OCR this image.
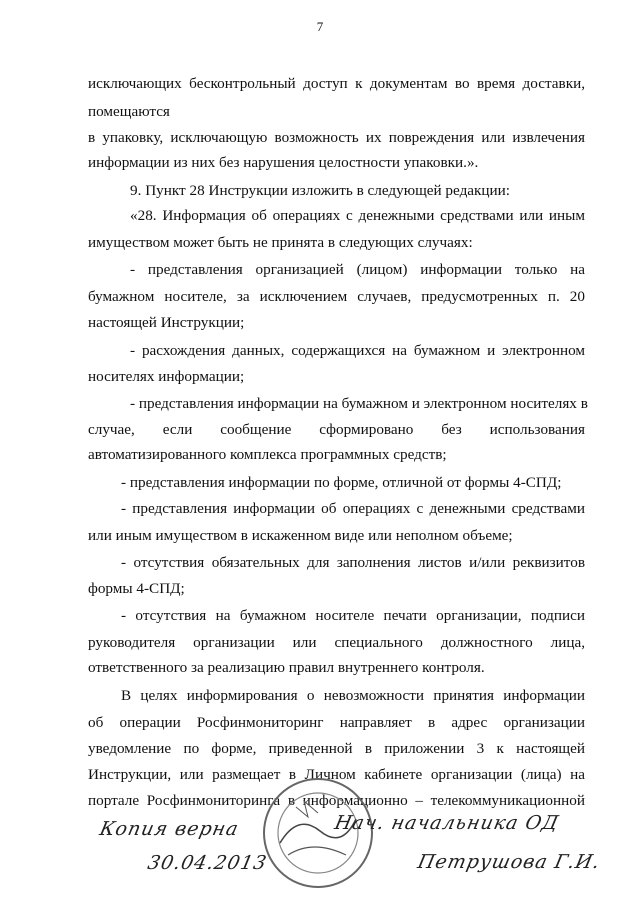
7
исключающих бесконтрольный доступ к документам во время доставки,
помещаются
в упаковку, исключающую возможность их повреждения или извлечения
информации из них без нарушения целостности упаковки.».
9. Пункт 28 Инструкции изложить в следующей редакции:
«28. Информация об операциях с денежными средствами или иным
имуществом может быть не принята в следующих случаях:
- представления организацией (лицом) информации только на
бумажном носителе, за исключением случаев, предусмотренных п. 20
настоящей Инструкции;
- расхождения данных, содержащихся на бумажном и электронном
носителях информации;
- представления информации на бумажном и электронном носителях в
случае, если сообщение сформировано без использования
автоматизированного комплекса программных средств;
- представления информации по форме, отличной от формы 4-СПД;
- представления информации об операциях с денежными средствами
или иным имуществом в искаженном виде или неполном объеме;
- отсутствия обязательных для заполнения листов и/или реквизитов
формы 4-СПД;
- отсутствия на бумажном носителе печати организации, подписи
руководителя организации или специального должностного лица,
ответственного за реализацию правил внутреннего контроля.
В целях информирования о невозможности принятия информации
об операции Росфинмониторинг направляет в адрес организации
уведомление по форме, приведенной в приложении 3 к настоящей
Инструкции, или размещает в Личном кабинете организации (лица) на
порталe Росфинмониторинга в информационно – телекоммуникационной
Копия верна
30.04.2013
Нач. начальника ОД
Петрушова Г.И.
